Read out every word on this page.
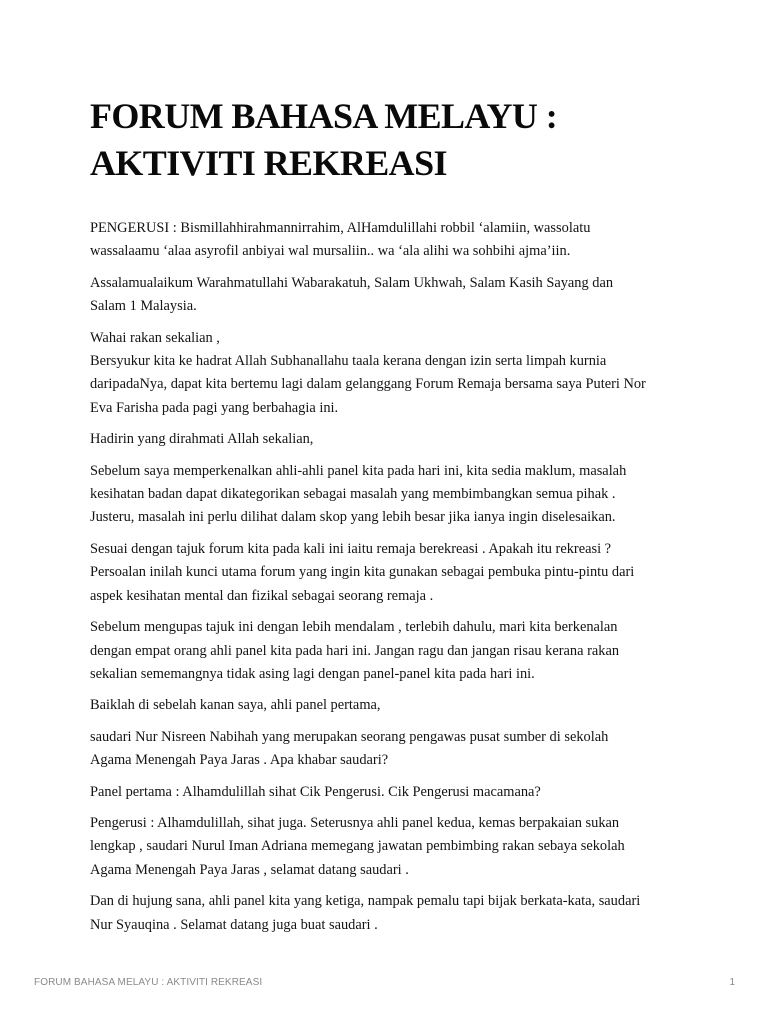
FORUM BAHASA MELAYU :
AKTIVITI REKREASI

PENGERUSI : Bismillahhirahmannirrahim, AlHamdulillahi robbil ‘alamiin, wassolatu
wassalaamu ‘alaa asyrofil anbiyai wal mursaliin.. wa ‘ala alihi wa sohbihi ajma’iin.

Assalamualaikum Warahmatullahi Wabarakatuh, Salam Ukhwah, Salam Kasih Sayang dan
Salam 1 Malaysia.

Wahai rakan sekalian ,
Bersyukur kita ke hadrat Allah Subhanallahu taala kerana dengan izin serta limpah kurnia
daripadaNya, dapat kita bertemu lagi dalam gelanggang Forum Remaja bersama saya Puteri Nor
Eva Farisha pada pagi yang berbahagia ini.

Hadirin yang dirahmati Allah sekalian,

Sebelum saya memperkenalkan ahli-ahli panel kita pada hari ini, kita sedia maklum, masalah
kesihatan badan dapat dikategorikan sebagai masalah yang membimbangkan semua pihak .
Justeru, masalah ini perlu dilihat dalam skop yang lebih besar jika ianya ingin diselesaikan.

Sesuai dengan tajuk forum kita pada kali ini iaitu remaja berekreasi . Apakah itu rekreasi ?
Persoalan inilah kunci utama forum yang ingin kita gunakan sebagai pembuka pintu-pintu dari
aspek kesihatan mental dan fizikal sebagai seorang remaja .

Sebelum mengupas tajuk ini dengan lebih mendalam , terlebih dahulu, mari kita berkenalan
dengan empat orang ahli panel kita pada hari ini. Jangan ragu dan jangan risau kerana rakan
sekalian sememangnya tidak asing lagi dengan panel-panel kita pada hari ini.

Baiklah di sebelah kanan saya, ahli panel pertama,

saudari Nur Nisreen Nabihah yang merupakan seorang pengawas pusat sumber di sekolah
Agama Menengah Paya Jaras . Apa khabar saudari?

Panel pertama : Alhamdulillah sihat Cik Pengerusi. Cik Pengerusi macamana?

Pengerusi : Alhamdulillah, sihat juga. Seterusnya ahli panel kedua, kemas berpakaian sukan
lengkap , saudari Nurul Iman Adriana memegang jawatan pembimbing rakan sebaya sekolah
Agama Menengah Paya Jaras , selamat datang saudari .

Dan di hujung sana, ahli panel kita yang ketiga, nampak pemalu tapi bijak berkata-kata, saudari
Nur Syauqina . Selamat datang juga buat saudari .

FORUM BAHASA MELAYU : AKTIVITI REKREASI	1
